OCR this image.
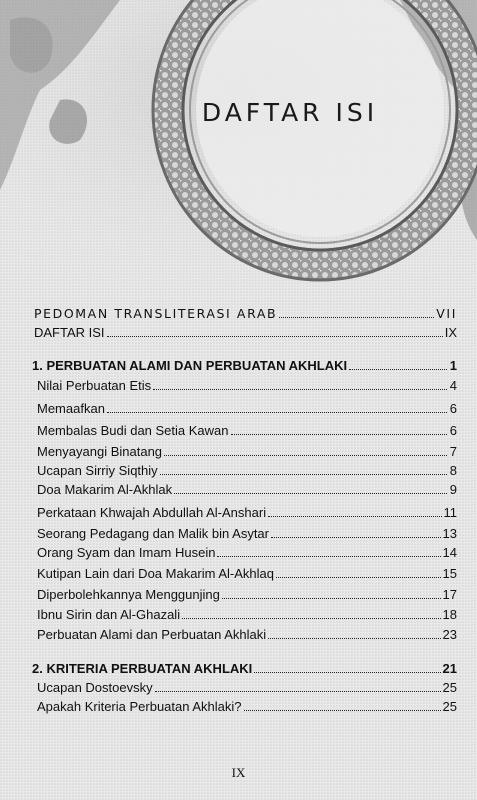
DAFTAR ISI
PEDOMAN TRANSLITERASI ARAB	VII
DAFTAR ISI	IX
1. PERBUATAN ALAMI DAN PERBUATAN AKHLAKI	1
Nilai Perbuatan Etis	4
Memaafkan	6
Membalas Budi dan Setia Kawan	6
Menyayangi Binatang	7
Ucapan Sirriy Siqthiy	8
Doa Makarim Al-Akhlak	9
Perkataan Khwajah Abdullah Al-Anshari	11
Seorang Pedagang dan Malik bin Asytar	13
Orang Syam dan Imam Husein	14
Kutipan Lain dari Doa Makarim Al-Akhlaq	15
Diperbolehkannya Menggunjing	17
Ibnu Sirin dan Al-Ghazali	18
Perbuatan Alami dan Perbuatan Akhlaki	23
2. KRITERIA PERBUATAN AKHLAKI	21
Ucapan Dostoevsky	25
Apakah Kriteria Perbuatan Akhlaki?	25
IX
